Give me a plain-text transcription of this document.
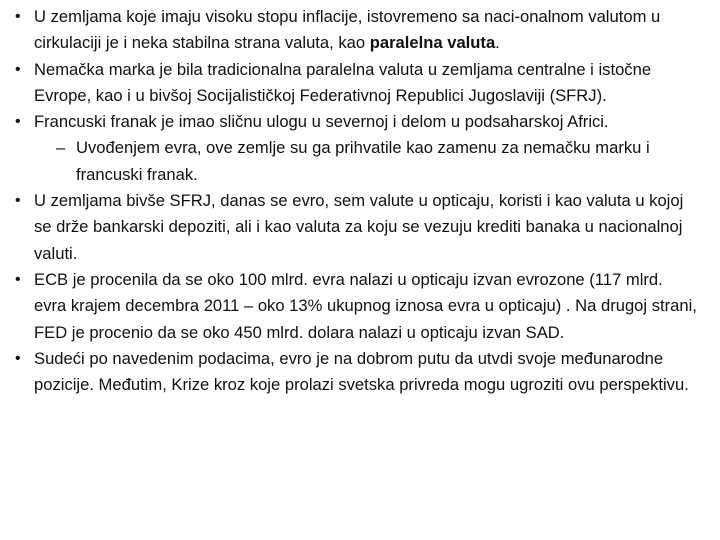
• U zemljama koje imaju visoku stopu inflacije, istovremeno sa naci-onalnom valutom u cirkulaciji je i neka stabilna strana valuta, kao paralelna valuta.
• Nemačka marka je bila tradicionalna paralelna valuta u zemljama centralne i istočne Evrope, kao i u bivšoj Socijalističkoj Federativnoj Republici Jugoslaviji (SFRJ).
• Francuski franak je imao sličnu ulogu u severnoj i delom u podsaharskoj Africi.
– Uvođenjem evra, ove zemlje su ga prihvatile kao zamenu za nemačku marku i francuski franak.
• U zemljama bivše SFRJ, danas se evro, sem valute u opticaju, koristi i kao valuta u kojoj se drže bankarski depoziti, ali i kao valuta za koju se vezuju krediti banaka u nacionalnoj valuti.
• ECB je procenila da se oko 100 mlrd. evra nalazi u opticaju izvan evrozone (117 mlrd. evra krajem decembra 2011 – oko 13% ukupnog iznosa evra u opticaju) . Na drugoj strani, FED je procenio da se oko 450 mlrd. dolara nalazi u opticaju izvan SAD.
• Sudeći po navedenim podacima, evro je na dobrom putu da utvdi svoje međunarodne pozicije. Međutim, Krize kroz koje prolazi svetska privreda mogu ugroziti ovu perspektivu.
